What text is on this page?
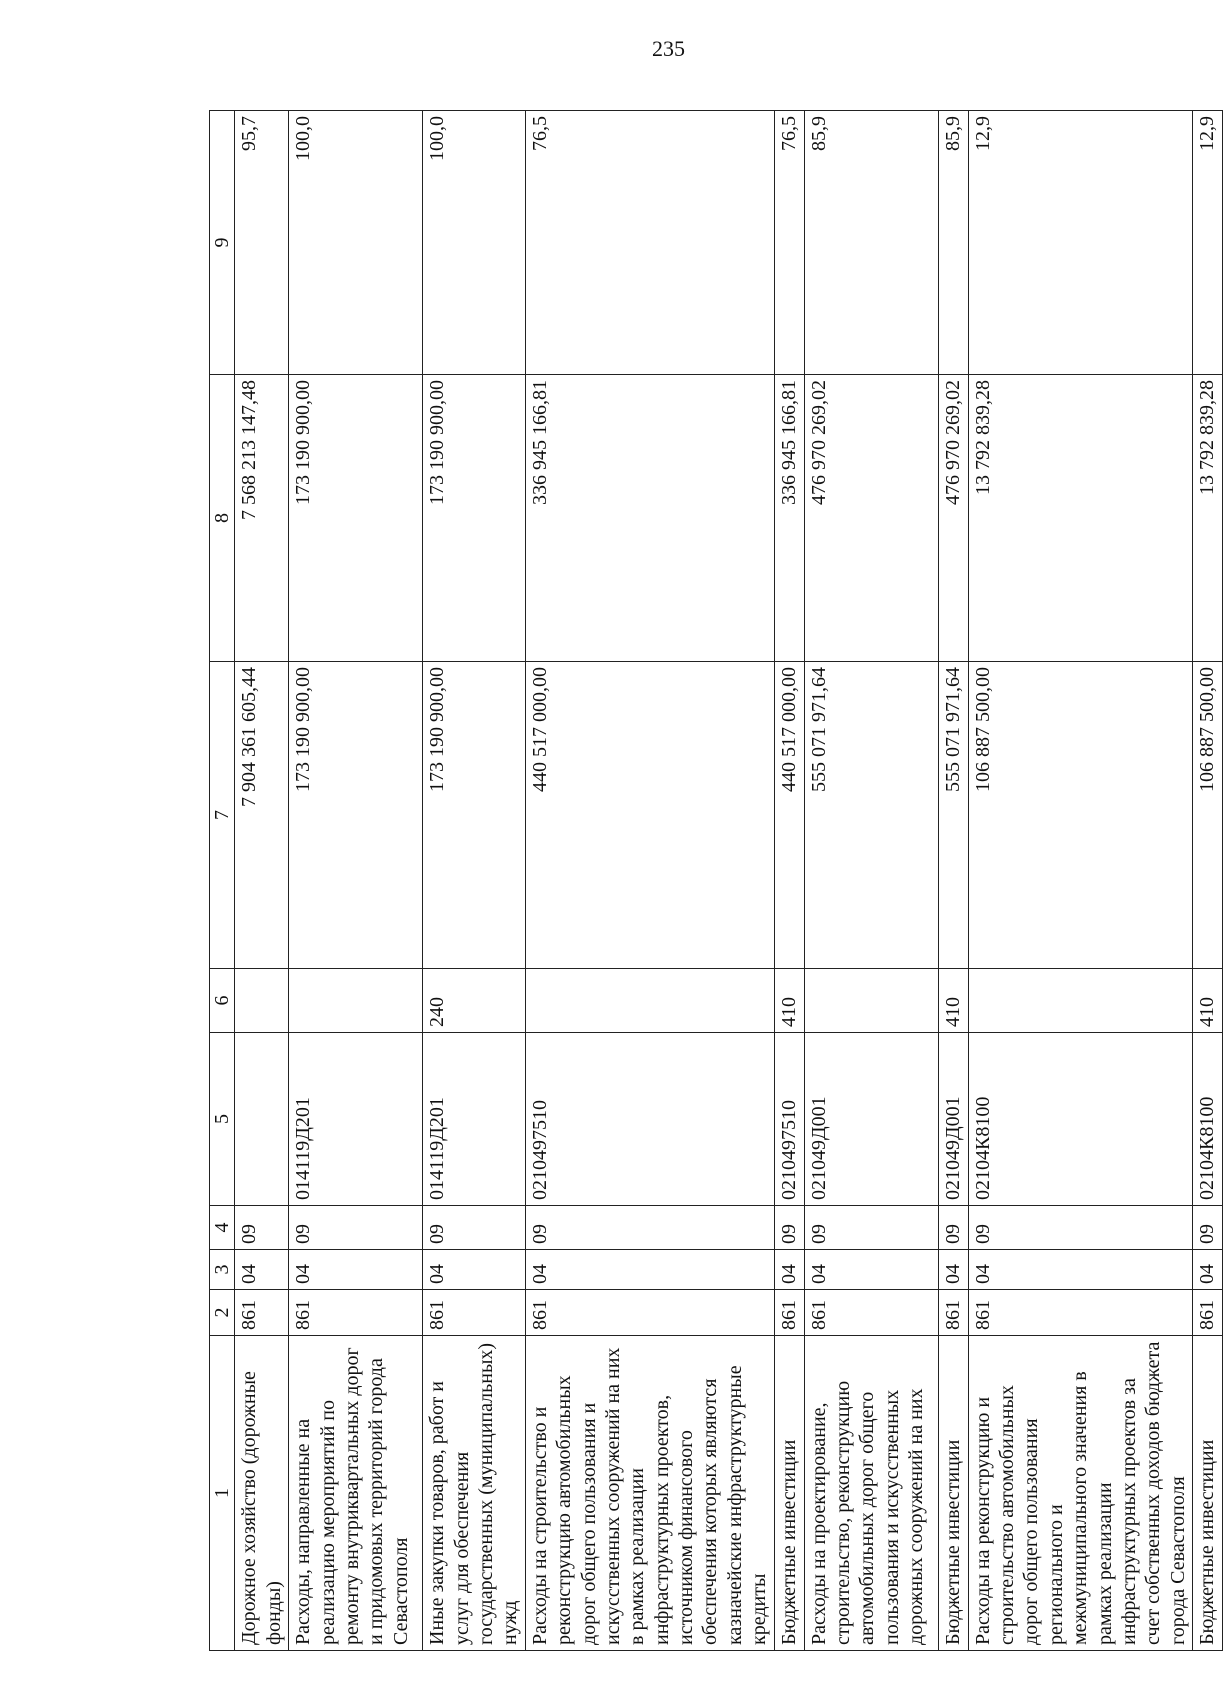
235
1	2	3	4	5	6	7	8	9
Дорожное хозяйство (дорожные фонды)	861	04	09			7 904 361 605,44	7 568 213 147,48	95,7
Расходы, направленные на реализацию мероприятий по ремонту внутриквартальных дорог и придомовых территорий города Севастополя	861	04	09	014119Д201		173 190 900,00	173 190 900,00	100,0
Иные закупки товаров, работ и услуг для обеспечения государственных (муниципальных) нужд	861	04	09	014119Д201	240	173 190 900,00	173 190 900,00	100,0
Расходы на строительство и реконструкцию автомобильных дорог общего пользования и искусственных сооружений на них в рамках реализации инфраструктурных проектов, источником финансового обеспечения которых являются казначейские инфраструктурные кредиты	861	04	09	0210497510		440 517 000,00	336 945 166,81	76,5
Бюджетные инвестиции	861	04	09	0210497510	410	440 517 000,00	336 945 166,81	76,5
Расходы на проектирование, строительство, реконструкцию автомобильных дорог общего пользования и искусственных дорожных сооружений на них	861	04	09	021049Д001		555 071 971,64	476 970 269,02	85,9
Бюджетные инвестиции	861	04	09	021049Д001	410	555 071 971,64	476 970 269,02	85,9
Расходы на реконструкцию и строительство автомобильных дорог общего пользования регионального и межмуниципального значения в рамках реализации инфраструктурных проектов за счет собственных доходов бюджета города Севастополя	861	04	09	02104К8100		106 887 500,00	13 792 839,28	12,9
Бюджетные инвестиции	861	04	09	02104К8100	410	106 887 500,00	13 792 839,28	12,9
